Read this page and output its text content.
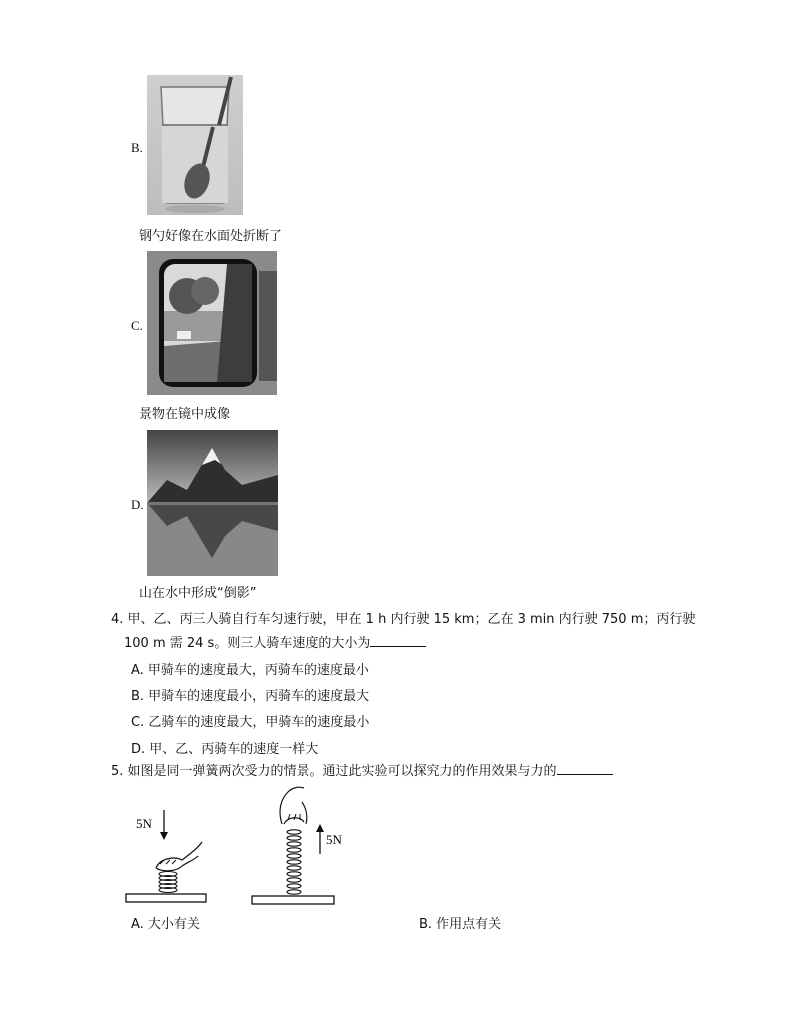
B.
钢勺好像在水面处折断了
C.
景物在镜中成像
D.
山在水中形成“倒影”
4. 甲、乙、丙三人骑自行车匀速行驶，甲在 1 h 内行驶 15 km；乙在 3 min 内行驶 750 m；丙行驶
100 m 需 24 s。则三人骑车速度的大小为
A. 甲骑车的速度最大，丙骑车的速度最小
B. 甲骑车的速度最小，丙骑车的速度最大
C. 乙骑车的速度最大，甲骑车的速度最小
D. 甲、乙、丙骑车的速度一样大
5. 如图是同一弹簧两次受力的情景。通过此实验可以探究力的作用效果与力的
5N
5N
A. 大小有关	B. 作用点有关
